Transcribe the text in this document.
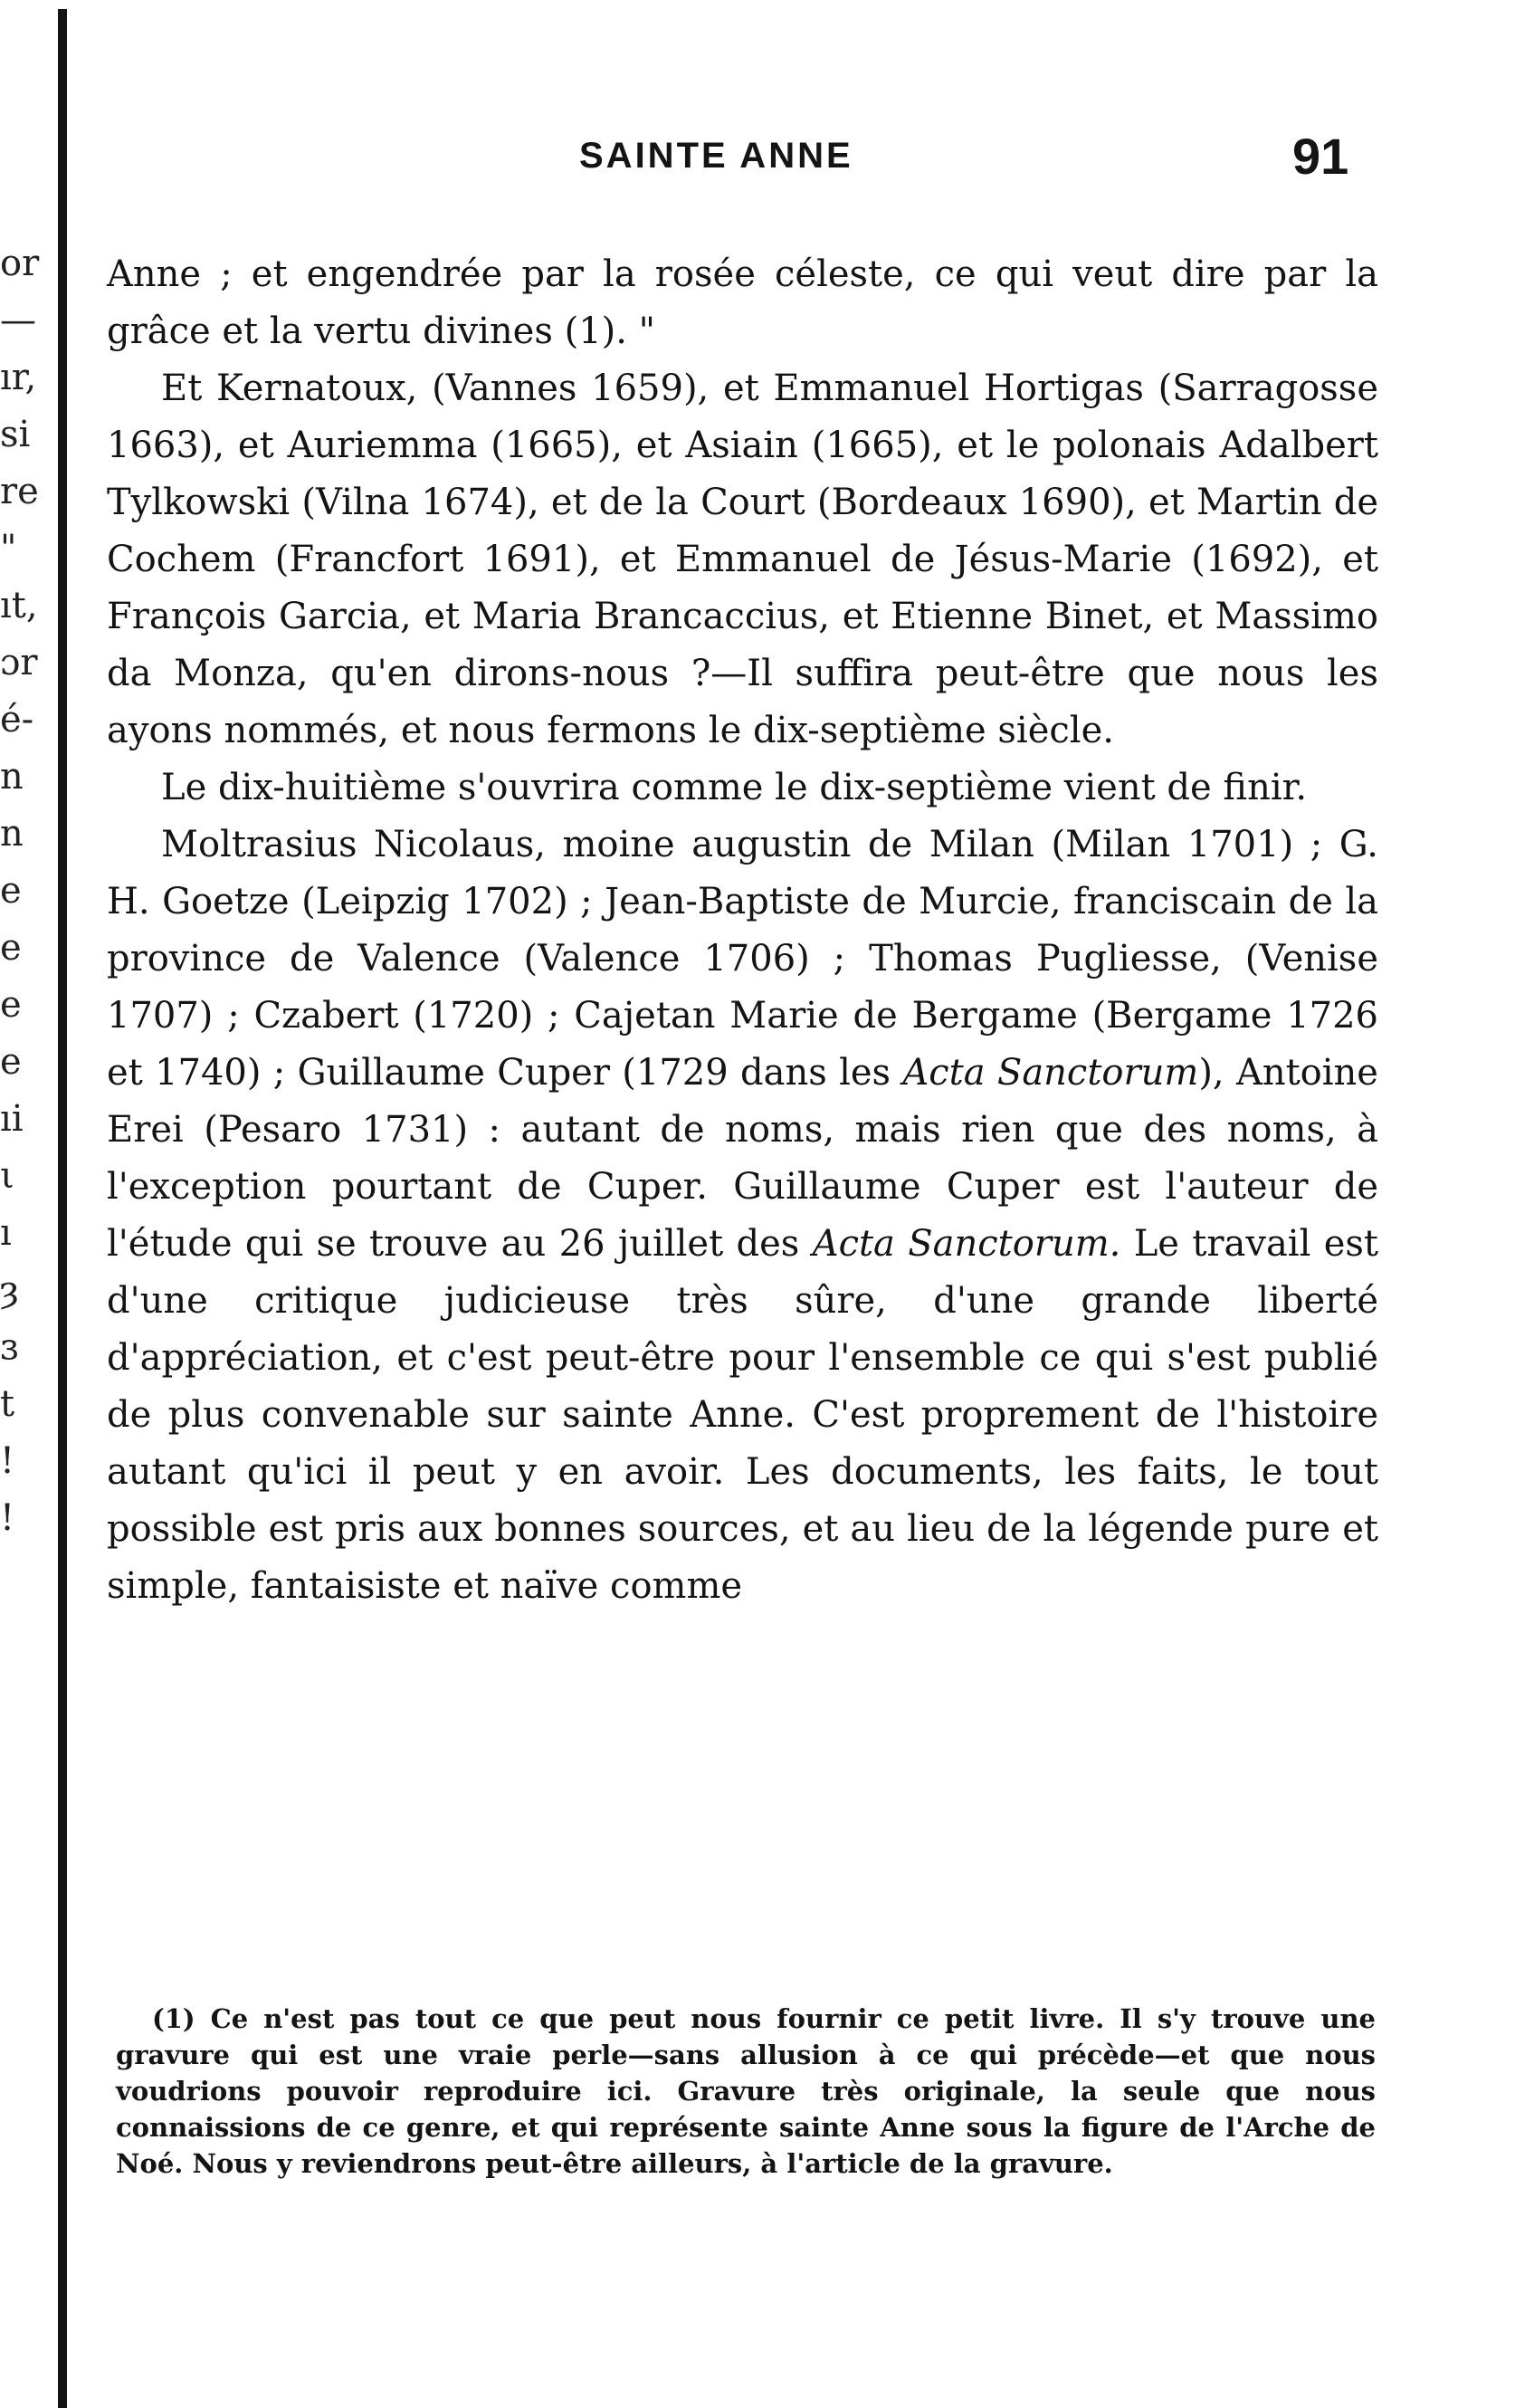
or
—
ır,
si
re
"
ıt,
ɔr
é-
n
n
e
e
e
e
ıi
ι
ı
ȝ
ɜ
t
!
!
SAINTE ANNE	91

Anne ; et engendrée par la rosée céleste, ce qui veut dire par la grâce et la vertu divines (1). "

Et Kernatoux, (Vannes 1659), et Emmanuel Hortigas (Sarragosse 1663), et Auriemma (1665), et Asiain (1665), et le polonais Adalbert Tylkowski (Vilna 1674), et de la Court (Bordeaux 1690), et Martin de Cochem (Francfort 1691), et Emmanuel de Jésus-Marie (1692), et François Garcia, et Maria Brancaccius, et Etienne Binet, et Massimo da Monza, qu'en dirons-nous ?—Il suffira peut-être que nous les ayons nommés, et nous fermons le dix-septième siècle.

Le dix-huitième s'ouvrira comme le dix-septième vient de finir.

Moltrasius Nicolaus, moine augustin de Milan (Milan 1701) ; G. H. Goetze (Leipzig 1702) ; Jean-Baptiste de Murcie, franciscain de la province de Valence (Valence 1706) ; Thomas Pugliesse, (Venise 1707) ; Czabert (1720) ; Cajetan Marie de Bergame (Bergame 1726 et 1740) ; Guillaume Cuper (1729 dans les Acta Sanctorum), Antoine Erei (Pesaro 1731) : autant de noms, mais rien que des noms, à l'exception pourtant de Cuper. Guillaume Cuper est l'auteur de l'étude qui se trouve au 26 juillet des Acta Sanctorum. Le travail est d'une critique judicieuse très sûre, d'une grande liberté d'appréciation, et c'est peut-être pour l'ensemble ce qui s'est publié de plus convenable sur sainte Anne. C'est proprement de l'histoire autant qu'ici il peut y en avoir. Les documents, les faits, le tout possible est pris aux bonnes sources, et au lieu de la légende pure et simple, fantaisiste et naïve comme

(1) Ce n'est pas tout ce que peut nous fournir ce petit livre. Il s'y trouve une gravure qui est une vraie perle—sans allusion à ce qui précède—et que nous voudrions pouvoir reproduire ici. Gravure très originale, la seule que nous connaissions de ce genre, et qui représente sainte Anne sous la figure de l'Arche de Noé. Nous y reviendrons peut-être ailleurs, à l'article de la gravure.
